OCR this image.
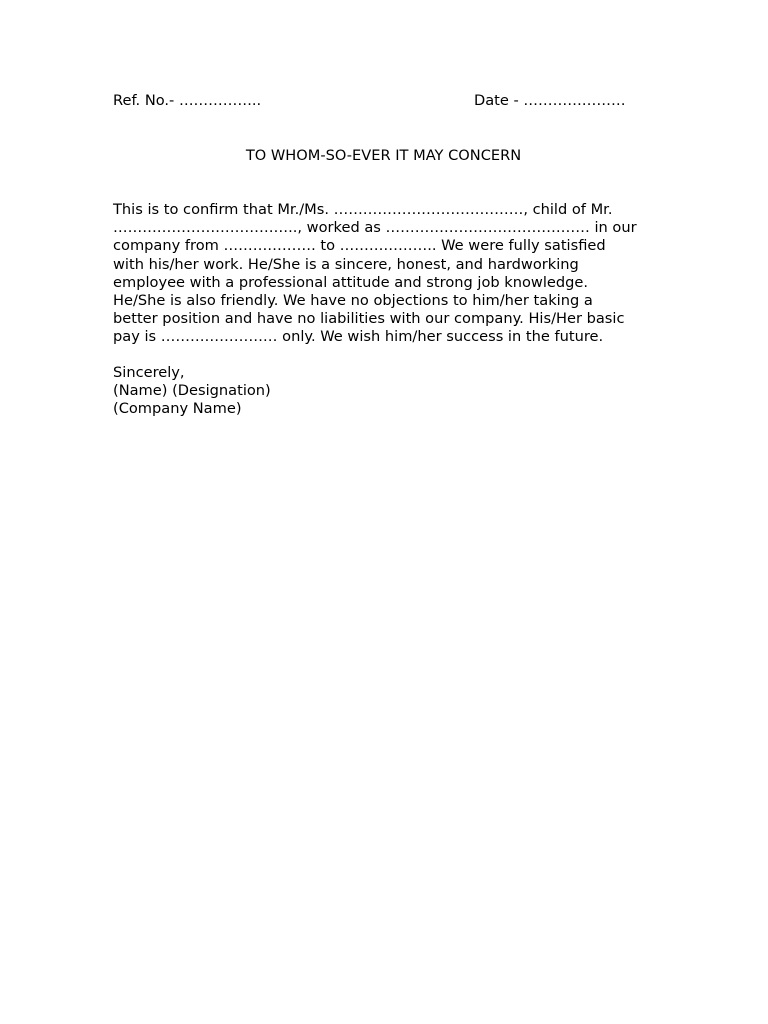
Ref. No.- ……………..	Date - …………………
TO WHOM-SO-EVER IT MAY CONCERN
This is to confirm that Mr./Ms. …………………………………, child of Mr.
……………………………….., worked as …………………………………… in our
company from ………………. to ……………….. We were fully satisfied
with his/her work. He/She is a sincere, honest, and hardworking
employee with a professional attitude and strong job knowledge.
He/She is also friendly. We have no objections to him/her taking a
better position and have no liabilities with our company. His/Her basic
pay is …………………… only. We wish him/her success in the future.
Sincerely,
(Name) (Designation)
(Company Name)
